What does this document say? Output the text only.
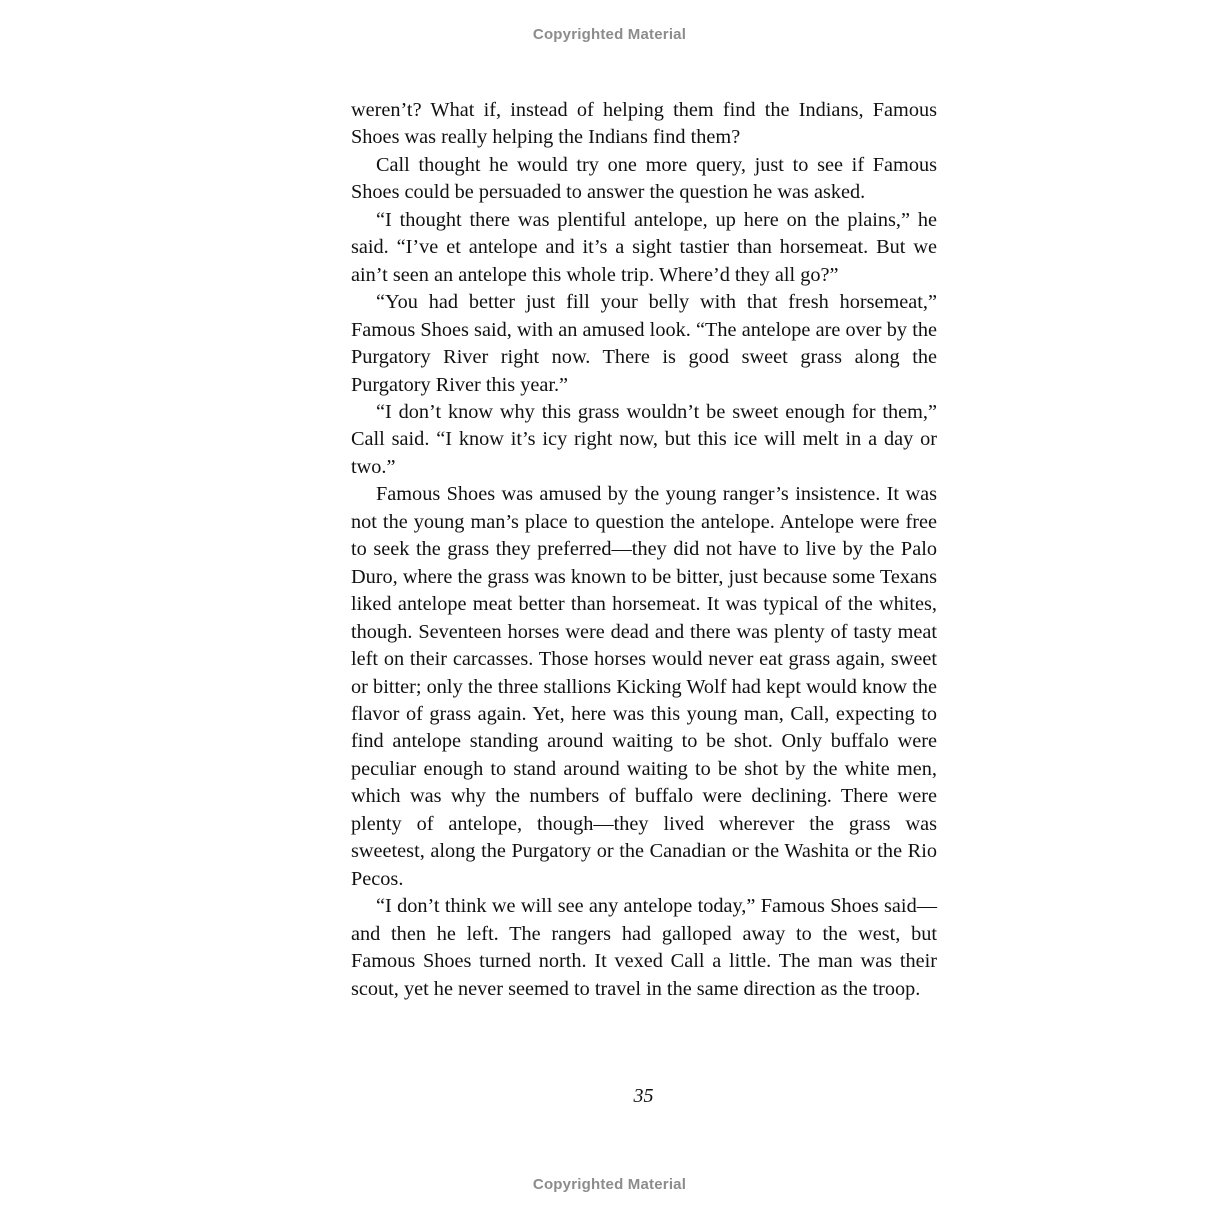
Copyrighted Material

weren’t? What if, instead of helping them find the Indians, Famous Shoes was really helping the Indians find them?

Call thought he would try one more query, just to see if Famous Shoes could be persuaded to answer the question he was asked.

“I thought there was plentiful antelope, up here on the plains,” he said. “I’ve et antelope and it’s a sight tastier than horsemeat. But we ain’t seen an antelope this whole trip. Where’d they all go?”

“You had better just fill your belly with that fresh horsemeat,” Famous Shoes said, with an amused look. “The antelope are over by the Purgatory River right now. There is good sweet grass along the Purgatory River this year.”

“I don’t know why this grass wouldn’t be sweet enough for them,” Call said. “I know it’s icy right now, but this ice will melt in a day or two.”

Famous Shoes was amused by the young ranger’s insistence. It was not the young man’s place to question the antelope. Antelope were free to seek the grass they preferred—they did not have to live by the Palo Duro, where the grass was known to be bitter, just because some Texans liked antelope meat better than horsemeat. It was typical of the whites, though. Seventeen horses were dead and there was plenty of tasty meat left on their carcasses. Those horses would never eat grass again, sweet or bitter; only the three stallions Kicking Wolf had kept would know the flavor of grass again. Yet, here was this young man, Call, expecting to find antelope standing around waiting to be shot. Only buffalo were peculiar enough to stand around waiting to be shot by the white men, which was why the numbers of buffalo were declining. There were plenty of antelope, though—they lived wherever the grass was sweetest, along the Purgatory or the Canadian or the Washita or the Rio Pecos.

“I don’t think we will see any antelope today,” Famous Shoes said—and then he left. The rangers had galloped away to the west, but Famous Shoes turned north. It vexed Call a little. The man was their scout, yet he never seemed to travel in the same direction as the troop.

35
Copyrighted Material
